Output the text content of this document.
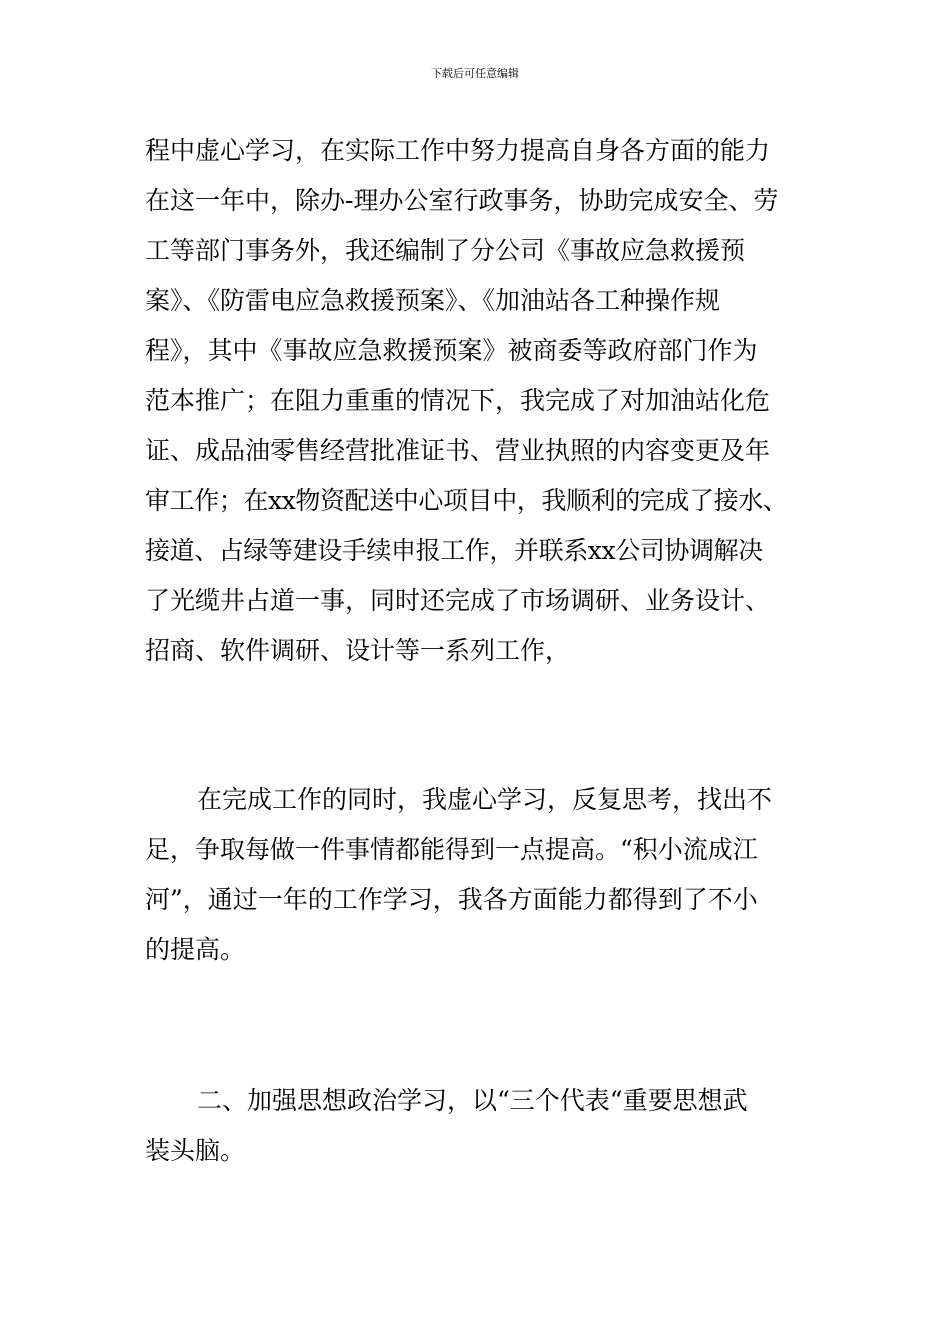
下载后可任意编辑
程中虚心学习，在实际工作中努力提高自身各方面的能力
在这一年中，除办-理办公室行政事务，协助完成安全、劳
工等部门事务外，我还编制了分公司《事故应急救援预
案》、《防雷电应急救援预案》、《加油站各工种操作规
程》，其中《事故应急救援预案》被商委等政府部门作为
范本推广；在阻力重重的情况下，我完成了对加油站化危
证、成品油零售经营批准证书、营业执照的内容变更及年
审工作；在xx物资配送中心项目中，我顺利的完成了接水、
接道、占绿等建设手续申报工作，并联系xx公司协调解决
了光缆井占道一事，同时还完成了市场调研、业务设计、
招商、软件调研、设计等一系列工作，
在完成工作的同时，我虚心学习，反复思考，找出不
足，争取每做一件事情都能得到一点提高。“积小流成江
河”，通过一年的工作学习，我各方面能力都得到了不小
的提高。
二、加强思想政治学习，以“三个代表“重要思想武
装头脑。
